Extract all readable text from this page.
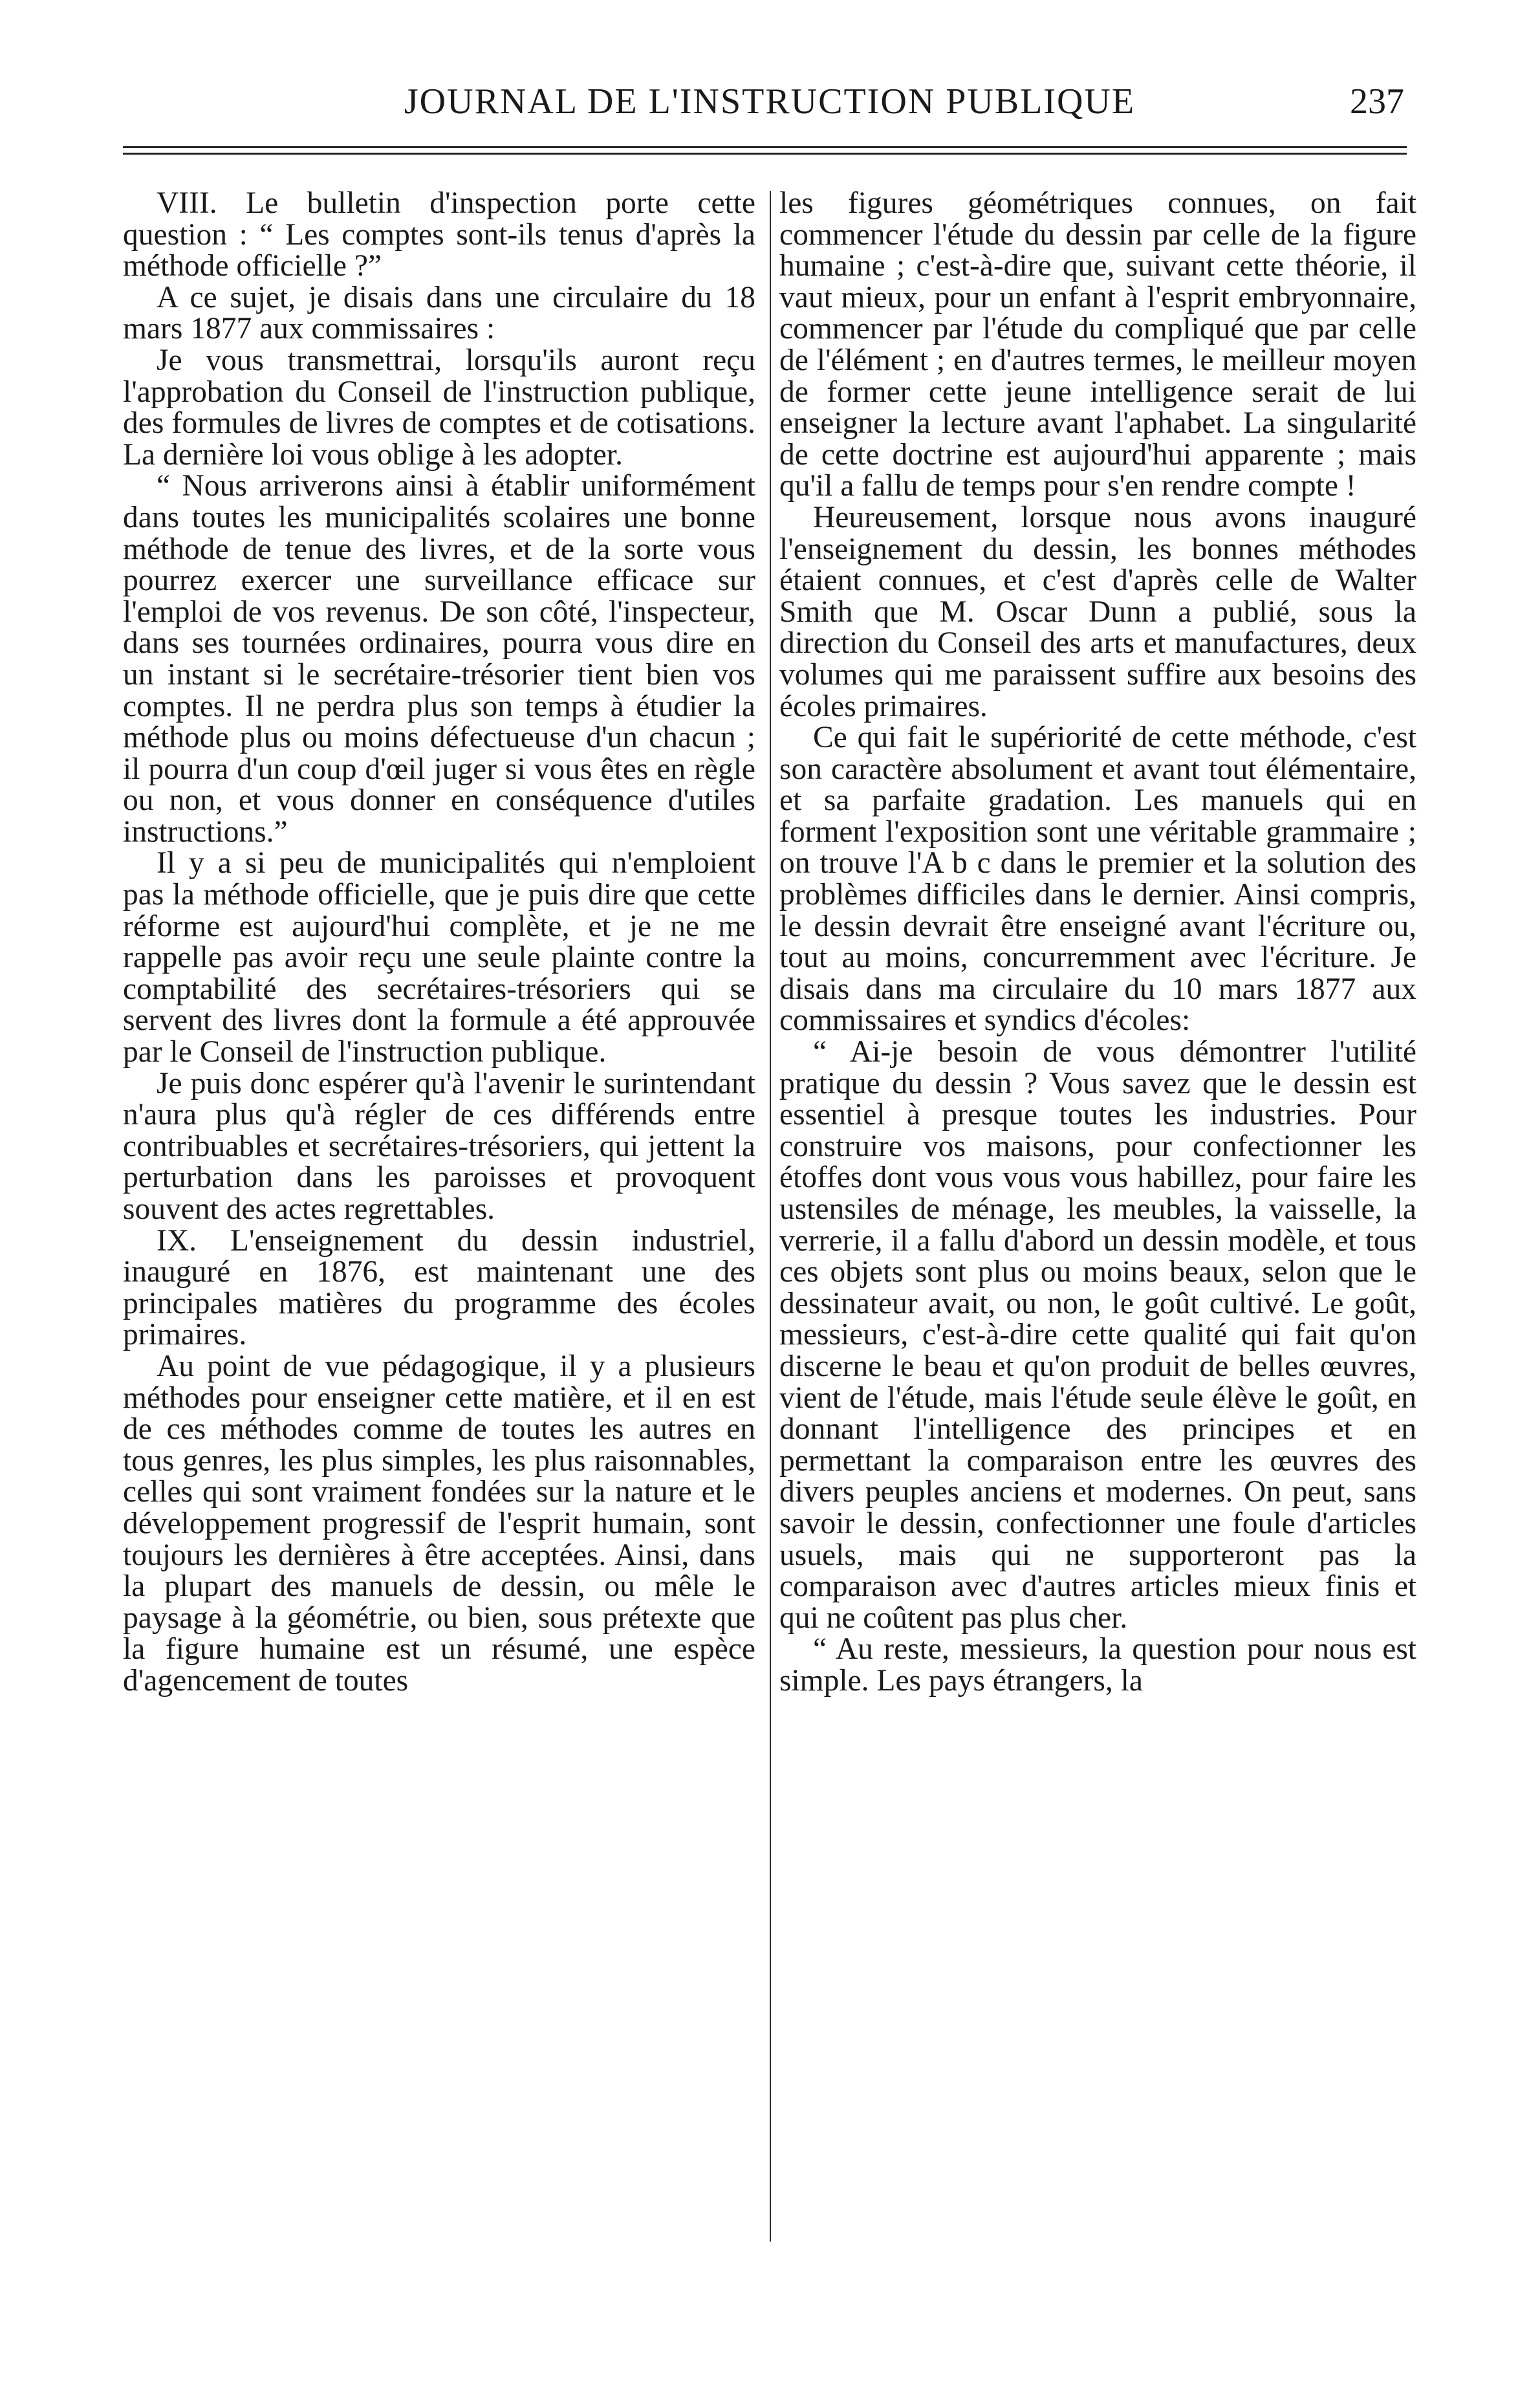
JOURNAL DE L'INSTRUCTION PUBLIQUE	237

VIII. Le bulletin d'inspection porte cette question : “ Les comptes sont-ils tenus d'après la méthode officielle ?”

A ce sujet, je disais dans une circulaire du 18 mars 1877 aux commissaires :

Je vous transmettrai, lorsqu'ils auront reçu l'approbation du Conseil de l'instruction publique, des formules de livres de comptes et de cotisations. La dernière loi vous oblige à les adopter.

“ Nous arriverons ainsi à établir uniformément dans toutes les municipalités scolaires une bonne méthode de tenue des livres, et de la sorte vous pourrez exercer une surveillance efficace sur l'emploi de vos revenus. De son côté, l'inspecteur, dans ses tournées ordinaires, pourra vous dire en un instant si le secrétaire-trésorier tient bien vos comptes. Il ne perdra plus son temps à étudier la méthode plus ou moins défectueuse d'un chacun ; il pourra d'un coup d'œil juger si vous êtes en règle ou non, et vous donner en conséquence d'utiles instructions.”

Il y a si peu de municipalités qui n'emploient pas la méthode officielle, que je puis dire que cette réforme est aujourd'hui complète, et je ne me rappelle pas avoir reçu une seule plainte contre la comptabilité des secrétaires-trésoriers qui se servent des livres dont la formule a été approuvée par le Conseil de l'instruction publique.

Je puis donc espérer qu'à l'avenir le surintendant n'aura plus qu'à régler de ces différends entre contribuables et secrétaires-trésoriers, qui jettent la perturbation dans les paroisses et provoquent souvent des actes regrettables.

IX. L'enseignement du dessin industriel, inauguré en 1876, est maintenant une des principales matières du programme des écoles primaires.

Au point de vue pédagogique, il y a plusieurs méthodes pour enseigner cette matière, et il en est de ces méthodes comme de toutes les autres en tous genres, les plus simples, les plus raisonnables, celles qui sont vraiment fondées sur la nature et le développement progressif de l'esprit humain, sont toujours les dernières à être acceptées. Ainsi, dans la plupart des manuels de dessin, ou mêle le paysage à la géométrie, ou bien, sous prétexte que la figure humaine est un résumé, une espèce d'agencement de toutes

les figures géométriques connues, on fait commencer l'étude du dessin par celle de la figure humaine ; c'est-à-dire que, suivant cette théorie, il vaut mieux, pour un enfant à l'esprit embryonnaire, commencer par l'étude du compliqué que par celle de l'élément ; en d'autres termes, le meilleur moyen de former cette jeune intelligence serait de lui enseigner la lecture avant l'aphabet. La singularité de cette doctrine est aujourd'hui apparente ; mais qu'il a fallu de temps pour s'en rendre compte !

Heureusement, lorsque nous avons inauguré l'enseignement du dessin, les bonnes méthodes étaient connues, et c'est d'après celle de Walter Smith que M. Oscar Dunn a publié, sous la direction du Conseil des arts et manufactures, deux volumes qui me paraissent suffire aux besoins des écoles primaires.

Ce qui fait le supériorité de cette méthode, c'est son caractère absolument et avant tout élémentaire, et sa parfaite gradation. Les manuels qui en forment l'exposition sont une véritable grammaire ; on trouve l'A b c dans le premier et la solution des problèmes difficiles dans le dernier. Ainsi compris, le dessin devrait être enseigné avant l'écriture ou, tout au moins, concurremment avec l'écriture. Je disais dans ma circulaire du 10 mars 1877 aux commissaires et syndics d'écoles:

“ Ai-je besoin de vous démontrer l'utilité pratique du dessin ? Vous savez que le dessin est essentiel à presque toutes les industries. Pour construire vos maisons, pour confectionner les étoffes dont vous vous vous habillez, pour faire les ustensiles de ménage, les meubles, la vaisselle, la verrerie, il a fallu d'abord un dessin modèle, et tous ces objets sont plus ou moins beaux, selon que le dessinateur avait, ou non, le goût cultivé. Le goût, messieurs, c'est-à-dire cette qualité qui fait qu'on discerne le beau et qu'on produit de belles œuvres, vient de l'étude, mais l'étude seule élève le goût, en donnant l'intelligence des principes et en permettant la comparaison entre les œuvres des divers peuples anciens et modernes. On peut, sans savoir le dessin, confectionner une foule d'articles usuels, mais qui ne supporteront pas la comparaison avec d'autres articles mieux finis et qui ne coûtent pas plus cher.

“ Au reste, messieurs, la question pour nous est simple. Les pays étrangers, la
